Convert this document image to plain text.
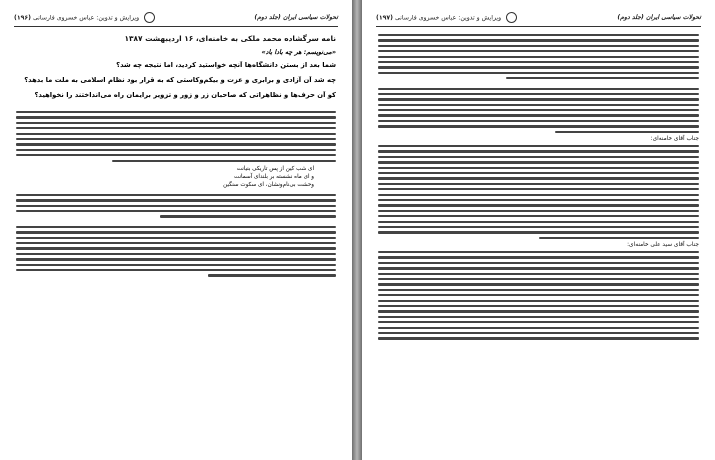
تحولات سیاسی ایران (جلد دوم)
ویرایش و تدوین: عباس خسروی فارسانی (۱۹۶)
نامه سرگشاده محمد ملکی به خامنه‌ای، ۱۶ اردیبهشت ۱۳۸۷
«می‌نویسم: هر چه بادا باد»
شما بعد از بستن دانشگاه‌ها آنچه خواستید کردید، اما نتیجه چه شد؟
چه شد آن آزادی و برابری و عزت و بیکم‌وکاستی که به قرار بود نظام اسلامی به ملت ما بدهد؟
کو آن حرف‌ها و نظاهراتی که صاحبان زر و زور و تزویر برایمان راه می‌انداختند را نخواهید؟
ای شب کین از پس تاریکی بنیانت
و ای ماه نشسته بر بلندای آسمانت
وحشت بی‌نام‌ونشان، ای سکوت سنگین
تحولات سیاسی ایران (جلد دوم)
ویرایش و تدوین: عباس خسروی فارسانی (۱۹۷)
جناب آقای خامنه‌ای:
جناب آقای سید علی خامنه‌ای:
